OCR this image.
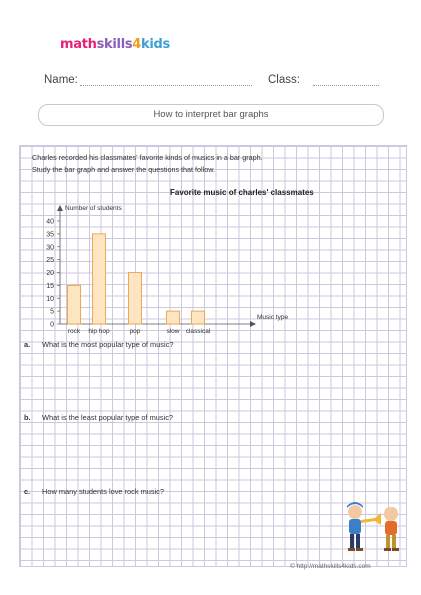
mathskills4kids
Name:	Class:
How to interpret bar graphs
Charles recorded his classmates' favorite kinds of musics in a bar graph.
Study the bar graph and answer the questions that follow.
Favorite music of charles' classmates
0
5
10
15
20
25
30
35
40
Number of students
Music type
rock hip hop	pop	slow classical
a. What is the most popular type of music?
b. What is the least popular type of music?
c. How many students love rock music?
© http://mathskills4kids.com
